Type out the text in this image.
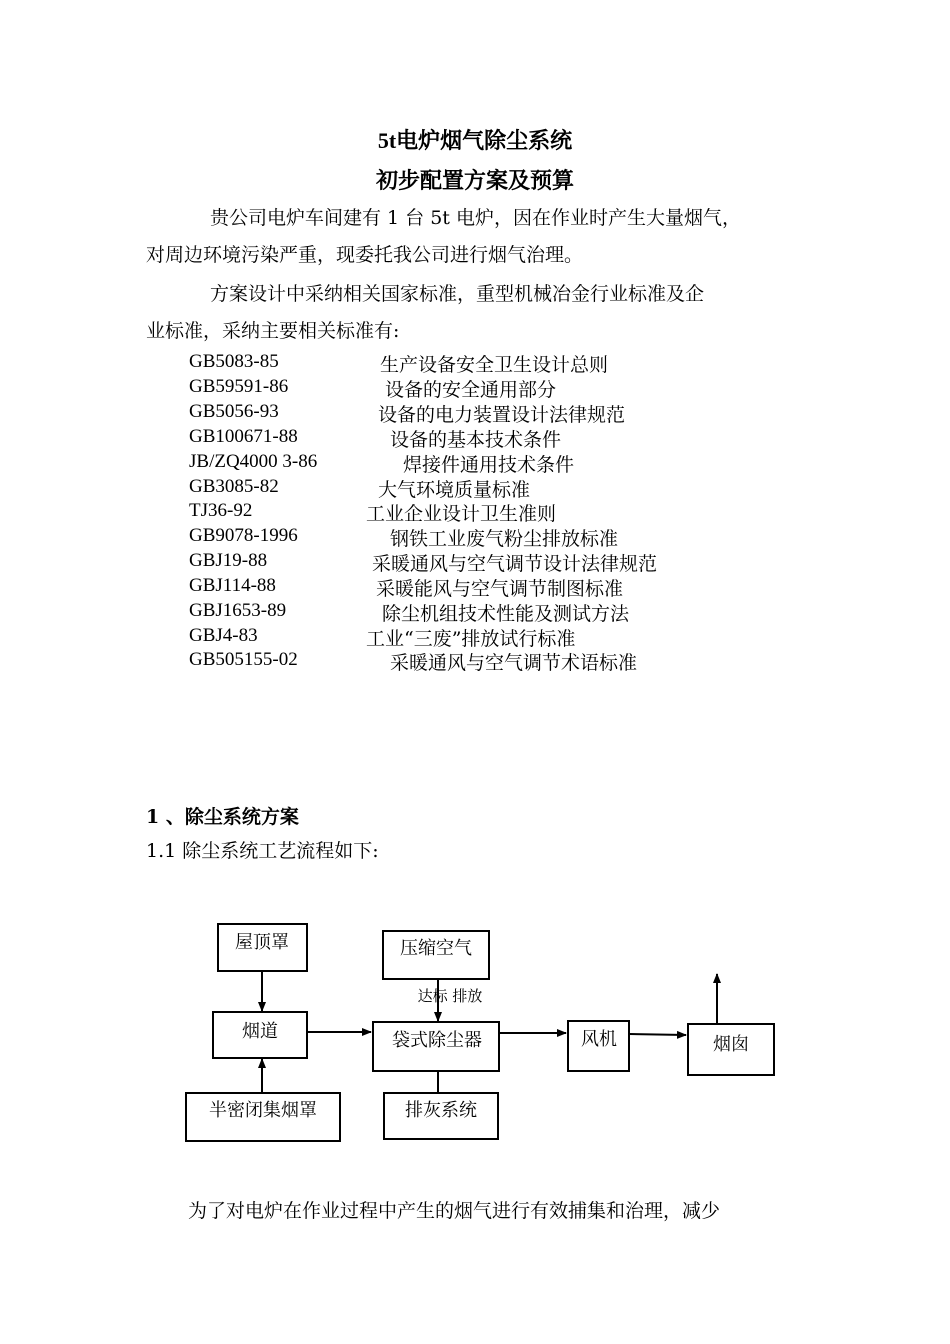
5t电炉烟气除尘系统
初步配置方案及预算
贵公司电炉车间建有 1 台 5t 电炉，因在作业时产生大量烟气，
对周边环境污染严重，现委托我公司进行烟气治理。
方案设计中采纳相关国家标准，重型机械冶金行业标准及企
业标准，采纳主要相关标准有:
GB5083-85	生产设备安全卫生设计总则
GB59591-86	设备的安全通用部分
GB5056-93	设备的电力装置设计法律规范
GB100671-88	设备的基本技术条件
JB/ZQ4000 3-86	焊接件通用技术条件
GB3085-82	大气环境质量标准
TJ36-92	工业企业设计卫生准则
GB9078-1996	钢铁工业废气粉尘排放标准
GBJ19-88	采暖通风与空气调节设计法律规范
GBJ114-88	采暖能风与空气调节制图标准
GBJ1653-89	除尘机组技术性能及测试方法
GBJ4-83	工业“三废”排放试行标准
GB505155-02	采暖通风与空气调节术语标准
1 、除尘系统方案
1.1 除尘系统工艺流程如下:
屋顶罩
烟道
半密闭集烟罩
压缩空气
达标 排放
袋式除尘器
排灰系统
风机	烟囱
为了对电炉在作业过程中产生的烟气进行有效捕集和治理，减少
